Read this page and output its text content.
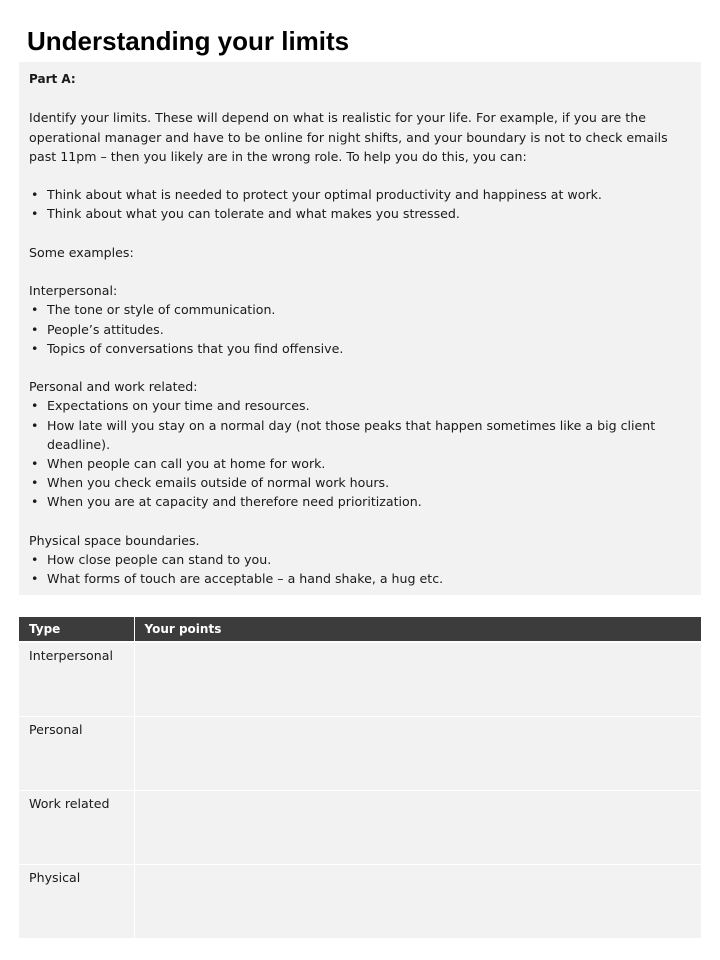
Understanding your limits
Part A:

Identify your limits. These will depend on what is realistic for your life. For example, if you are the operational manager and have to be online for night shifts, and your boundary is not to check emails past 11pm – then you likely are in the wrong role. To help you do this, you can:

• Think about what is needed to protect your optimal productivity and happiness at work.
• Think about what you can tolerate and what makes you stressed.

Some examples:

Interpersonal:

• The tone or style of communication.
• People’s attitudes.
• Topics of conversations that you find offensive.

Personal and work related:

• Expectations on your time and resources.
• How late will you stay on a normal day (not those peaks that happen sometimes like a big client deadline).
• When people can call you at home for work.
• When you check emails outside of normal work hours.
• When you are at capacity and therefore need prioritization.

Physical space boundaries.

• How close people can stand to you.
• What forms of touch are acceptable – a hand shake, a hug etc.
Type	Your points
Interpersonal	
Personal	
Work related	
Physical	
